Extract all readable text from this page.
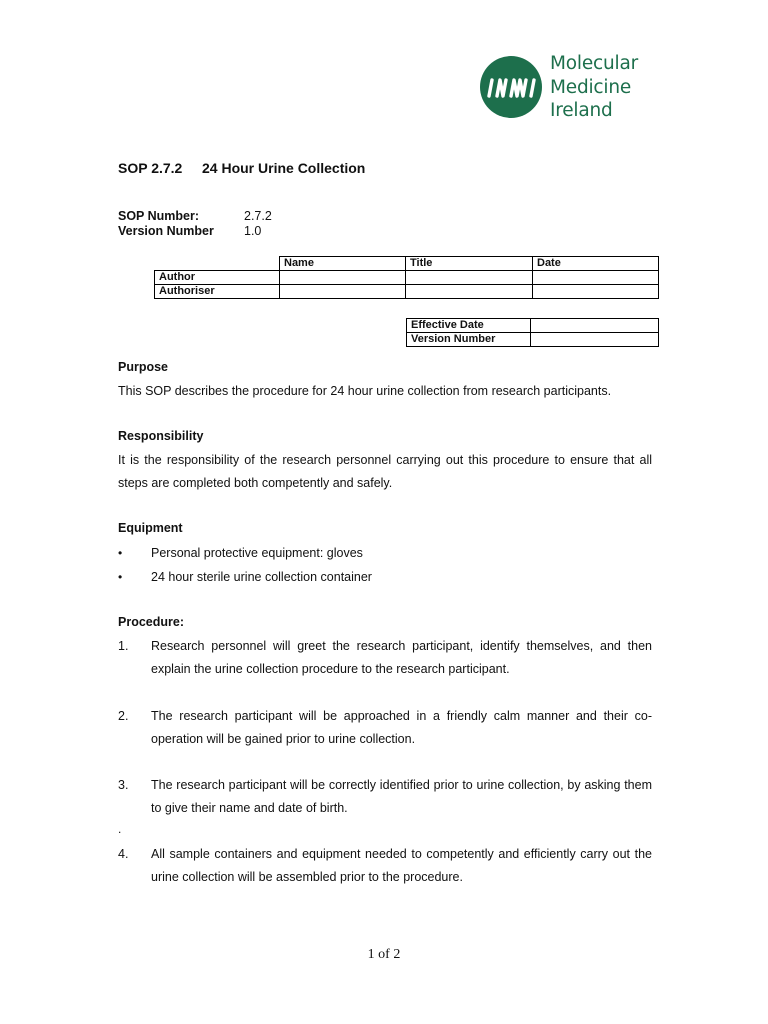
Molecular
Medicine
Ireland
SOP 2.7.2 24 Hour Urine Collection
SOP Number:	2.7.2
Version Number	1.0
	Name	Title	Date
Author			
Authoriser			
Effective Date	
Version Number	
Purpose
This SOP describes the procedure for 24 hour urine collection from research participants.
Responsibility
It is the responsibility of the research personnel carrying out this procedure to ensure that all steps are completed both competently and safely.
Equipment
• Personal protective equipment: gloves
• 24 hour sterile urine collection container
Procedure:
1.	Research personnel will greet the research participant, identify themselves, and then explain the urine collection procedure to the research participant.
2.	The research participant will be approached in a friendly calm manner and their co-operation will be gained prior to urine collection.
3.	The research participant will be correctly identified prior to urine collection, by asking them to give their name and date of birth.
.
4.	All sample containers and equipment needed to competently and efficiently carry out the urine collection will be assembled prior to the procedure.
1 of 2
